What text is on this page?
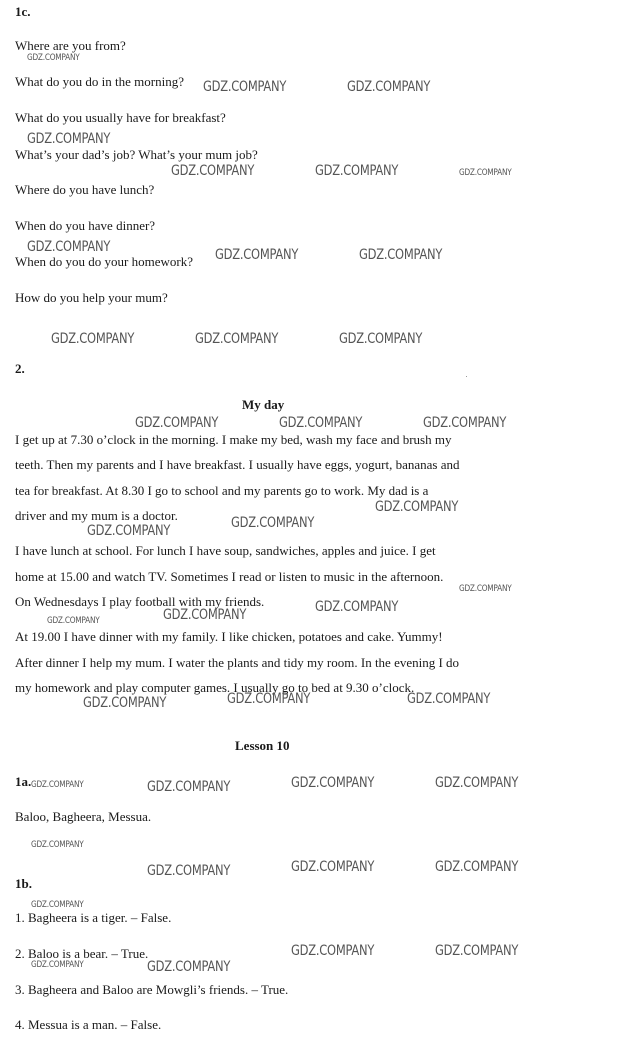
1c.
Where are you from?
What do you do in the morning?
What do you usually have for breakfast?
What’s your dad’s job? What’s your mum job?
Where do you have lunch?
When do you have dinner?
When do you do your homework?
How do you help your mum?
2.
My day
I get up at 7.30 o’clock in the morning. I make my bed, wash my face and brush my
teeth. Then my parents and I have breakfast. I usually have eggs, yogurt, bananas and
tea for breakfast. At 8.30 I go to school and my parents go to work. My dad is a
driver and my mum is a doctor.
I have lunch at school. For lunch I have soup, sandwiches, apples and juice. I get
home at 15.00 and watch TV. Sometimes I read or listen to music in the afternoon.
On Wednesdays I play football with my friends.
At 19.00 I have dinner with my family. I like chicken, potatoes and cake. Yummy!
After dinner I help my mum. I water the plants and tidy my room. In the evening I do
my homework and play computer games. I usually go to bed at 9.30 o’clock.
Lesson 10
1a.
Baloo, Bagheera, Messua.
1b.
1. Bagheera is a tiger. – False.
2. Baloo is a bear. – True.
3. Bagheera and Baloo are Mowgli’s friends. – True.
4. Messua is a man. – False.
GDZ.COMPANY
GDZ.COMPANY	GDZ.COMPANY
GDZ.COMPANY
GDZ.COMPANY	GDZ.COMPANY	GDZ.COMPANY
GDZ.COMPANY	GDZ.COMPANY	GDZ.COMPANY
GDZ.COMPANY	GDZ.COMPANY	GDZ.COMPANY
GDZ.COMPANY	GDZ.COMPANY	GDZ.COMPANY
GDZ.COMPANY
GDZ.COMPANY	GDZ.COMPANY
GDZ.COMPANY
GDZ.COMPANY	GDZ.COMPANY
GDZ.COMPANY
GDZ.COMPANY	GDZ.COMPANY	GDZ.COMPANY
GDZ.COMPANY	GDZ.COMPANY	GDZ.COMPANY	GDZ.COMPANY
GDZ.COMPANY
GDZ.COMPANY	GDZ.COMPANY	GDZ.COMPANY
GDZ.COMPANY
GDZ.COMPANY	GDZ.COMPANY
GDZ.COMPANY	GDZ.COMPANY
